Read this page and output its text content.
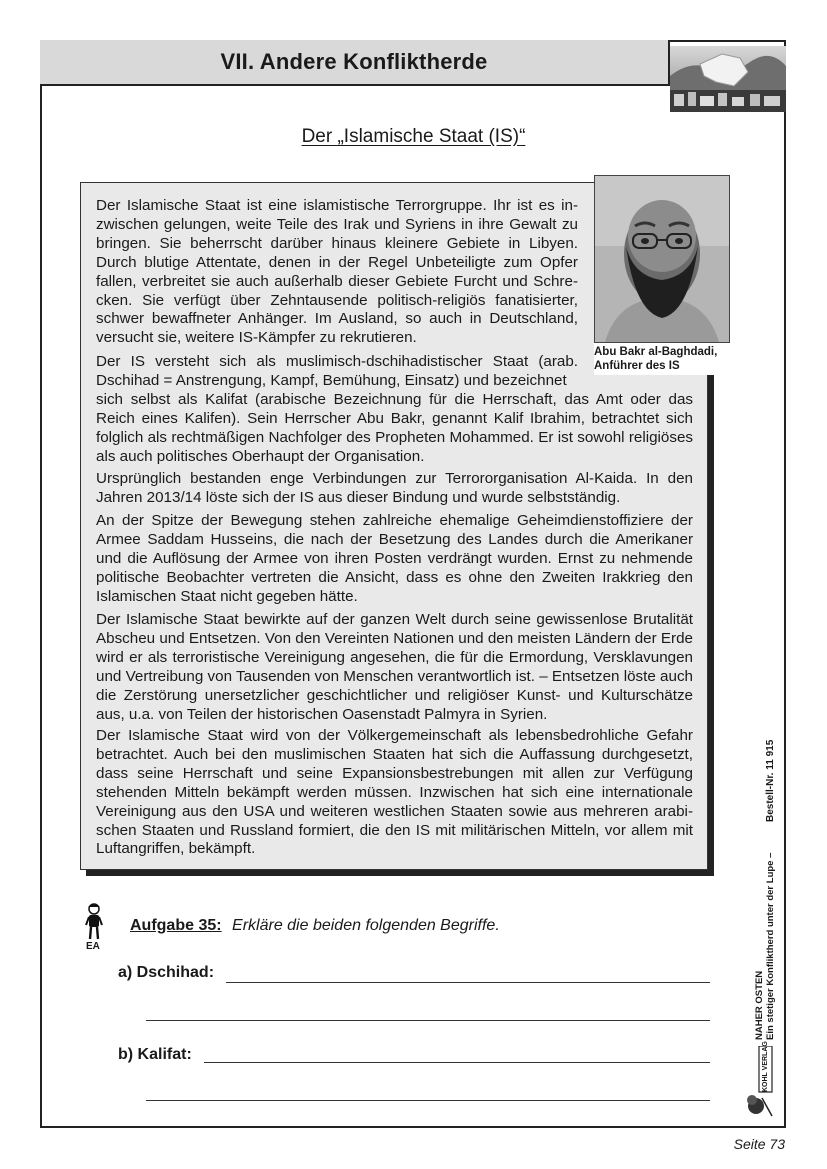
VII. Andere Konfliktherde
Der „Islamische Staat (IS)“
Abu Bakr al-Baghdadi,
Anführer des IS

Der Islamische Staat ist eine islamistische Terrorgruppe. Ihr ist es inzwischen gelungen, weite Teile des Irak und Syriens in ihre Gewalt zu bringen. Sie beherrscht darüber hinaus kleinere Gebiete in Libyen. Durch blutige Attentate, denen in der Regel Unbeteiligte zum Opfer fallen, verbreitet sie auch außerhalb dieser Gebiete Furcht und Schrecken. Sie verfügt über Zehntausende politisch-religiös fanatisierter, schwer bewaffneter Anhänger. Im Ausland, so auch in Deutschland, versucht sie, weitere IS-Kämpfer zu rekrutieren.

Der IS versteht sich als muslimisch-dschihadistischer Staat (arab. Dschihad = Anstrengung, Kampf, Bemühung, Einsatz) und bezeichnet

sich selbst als Kalifat (arabische Bezeichnung für die Herrschaft, das Amt oder das Reich eines Kalifen). Sein Herrscher Abu Bakr, genannt Kalif Ibrahim, betrachtet sich folglich als rechtmäßigen Nachfolger des Propheten Mohammed. Er ist sowohl religiöses als auch politisches Oberhaupt der Organisation.

Ursprünglich bestanden enge Verbindungen zur Terrororganisation Al-Kaida. In den Jahren 2013/14 löste sich der IS aus dieser Bindung und wurde selbstständig.

An der Spitze der Bewegung stehen zahlreiche ehemalige Geheimdienstoffiziere der Armee Saddam Husseins, die nach der Besetzung des Landes durch die Amerikaner und die Auflösung der Armee von ihren Posten verdrängt wurden. Ernst zu nehmende politische Beobachter vertreten die Ansicht, dass es ohne den Zweiten Irakkrieg den Islamischen Staat nicht gegeben hätte.

Der Islamische Staat bewirkte auf der ganzen Welt durch seine gewissenlose Brutalität Abscheu und Entsetzen. Von den Vereinten Nationen und den meisten Ländern der Erde wird er als terroristische Vereinigung angesehen, die für die Ermordung, Versklavungen und Vertreibung von Tausenden von Menschen verantwortlich ist. – Entsetzen löste auch die Zerstörung unersetzlicher geschichtlicher und religiöser Kunst- und Kulturschätze aus, u.a. von Teilen der historischen Oasenstadt Palmyra in Syrien.

Der Islamische Staat wird von der Völkergemeinschaft als lebensbedrohliche Gefahr betrachtet. Auch bei den muslimischen Staaten hat sich die Auffassung durchgesetzt, dass seine Herrschaft und seine Expansionsbestrebungen mit allen zur Verfügung stehenden Mitteln bekämpft werden müssen. Inzwischen hat sich eine internationale Vereinigung aus den USA und weiteren westlichen Staaten sowie aus mehreren arabischen Staaten und Russland formiert, die den IS mit militärischen Mitteln, vor allem mit Luftangriffen, bekämpft.

EA
Aufgabe 35: Erkläre die beiden folgenden Begriffe.
a) Dschihad:
b) Kalifat:
Bestell-Nr. 11 915
NAHER OSTEN Ein stetiger Konfliktherd unter der Lupe –
KOHL VERLAG
Seite 73
